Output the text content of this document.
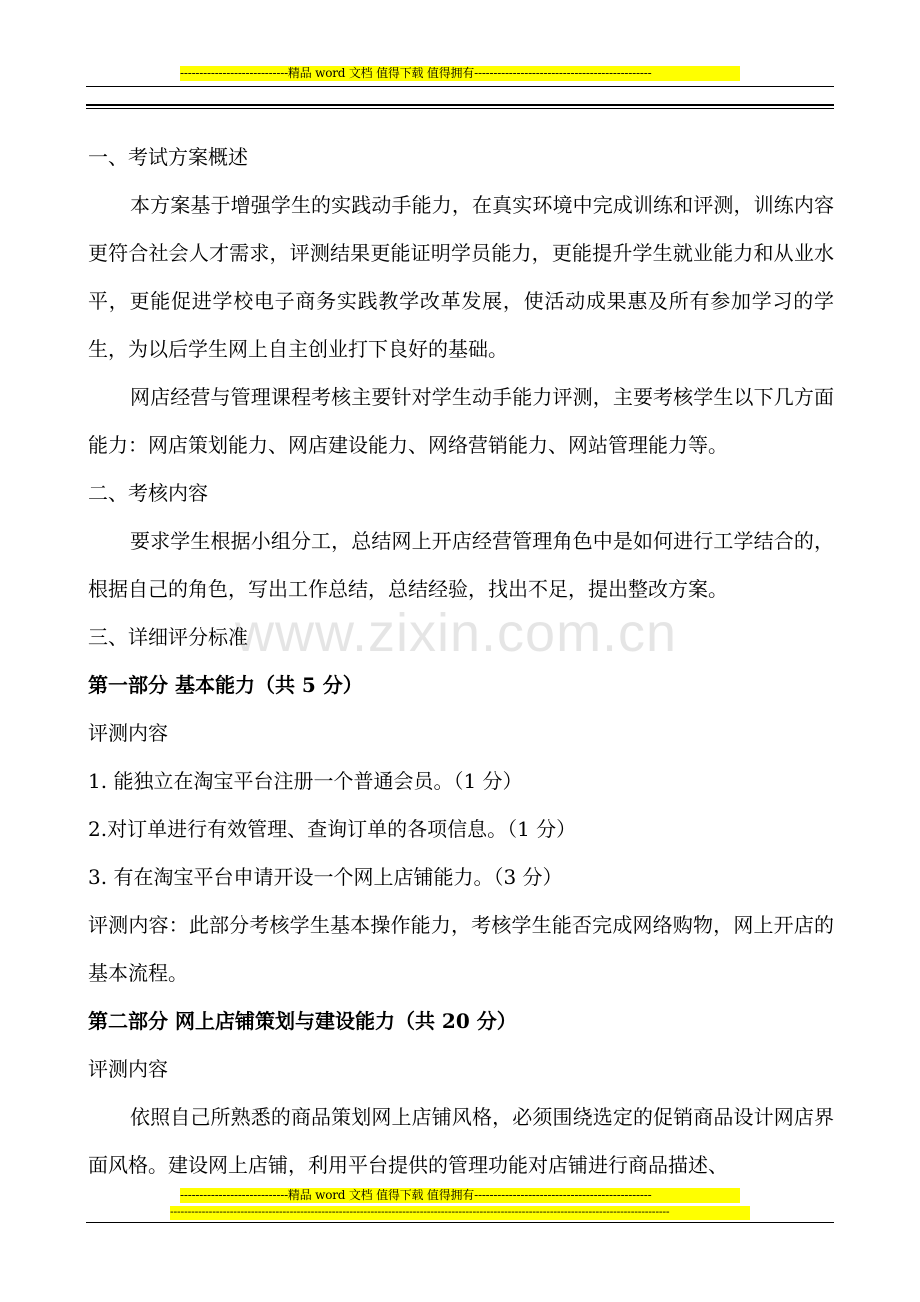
----------------------------精品 word 文档 值得下载 值得拥有----------------------------------------------
www.zixin.com.cn

一、考试方案概述

本方案基于增强学生的实践动手能力，在真实环境中完成训练和评测，训练内容更符合社会人才需求，评测结果更能证明学员能力，更能提升学生就业能力和从业水平，更能促进学校电子商务实践教学改革发展，使活动成果惠及所有参加学习的学生，为以后学生网上自主创业打下良好的基础。

网店经营与管理课程考核主要针对学生动手能力评测，主要考核学生以下几方面能力：网店策划能力、网店建设能力、网络营销能力、网站管理能力等。

二、考核内容

要求学生根据小组分工，总结网上开店经营管理角色中是如何进行工学结合的，根据自己的角色，写出工作总结，总结经验，找出不足，提出整改方案。

三、详细评分标准

第一部分 基本能力（共 5 分）

评测内容

1. 能独立在淘宝平台注册一个普通会员。（1 分）

2.对订单进行有效管理、查询订单的各项信息。（1 分）

3. 有在淘宝平台申请开设一个网上店铺能力。（3 分）

评测内容：此部分考核学生基本操作能力，考核学生能否完成网络购物，网上开店的基本流程。

第二部分 网上店铺策划与建设能力（共 20 分）

评测内容

依照自己所熟悉的商品策划网上店铺风格，必须围绕选定的促销商品设计网店界面风格。建设网上店铺，利用平台提供的管理功能对店铺进行商品描述、

----------------------------精品 word 文档 值得下载 值得拥有----------------------------------------------
----------------------------------------------------------------------------------------------------------------------------------------------
